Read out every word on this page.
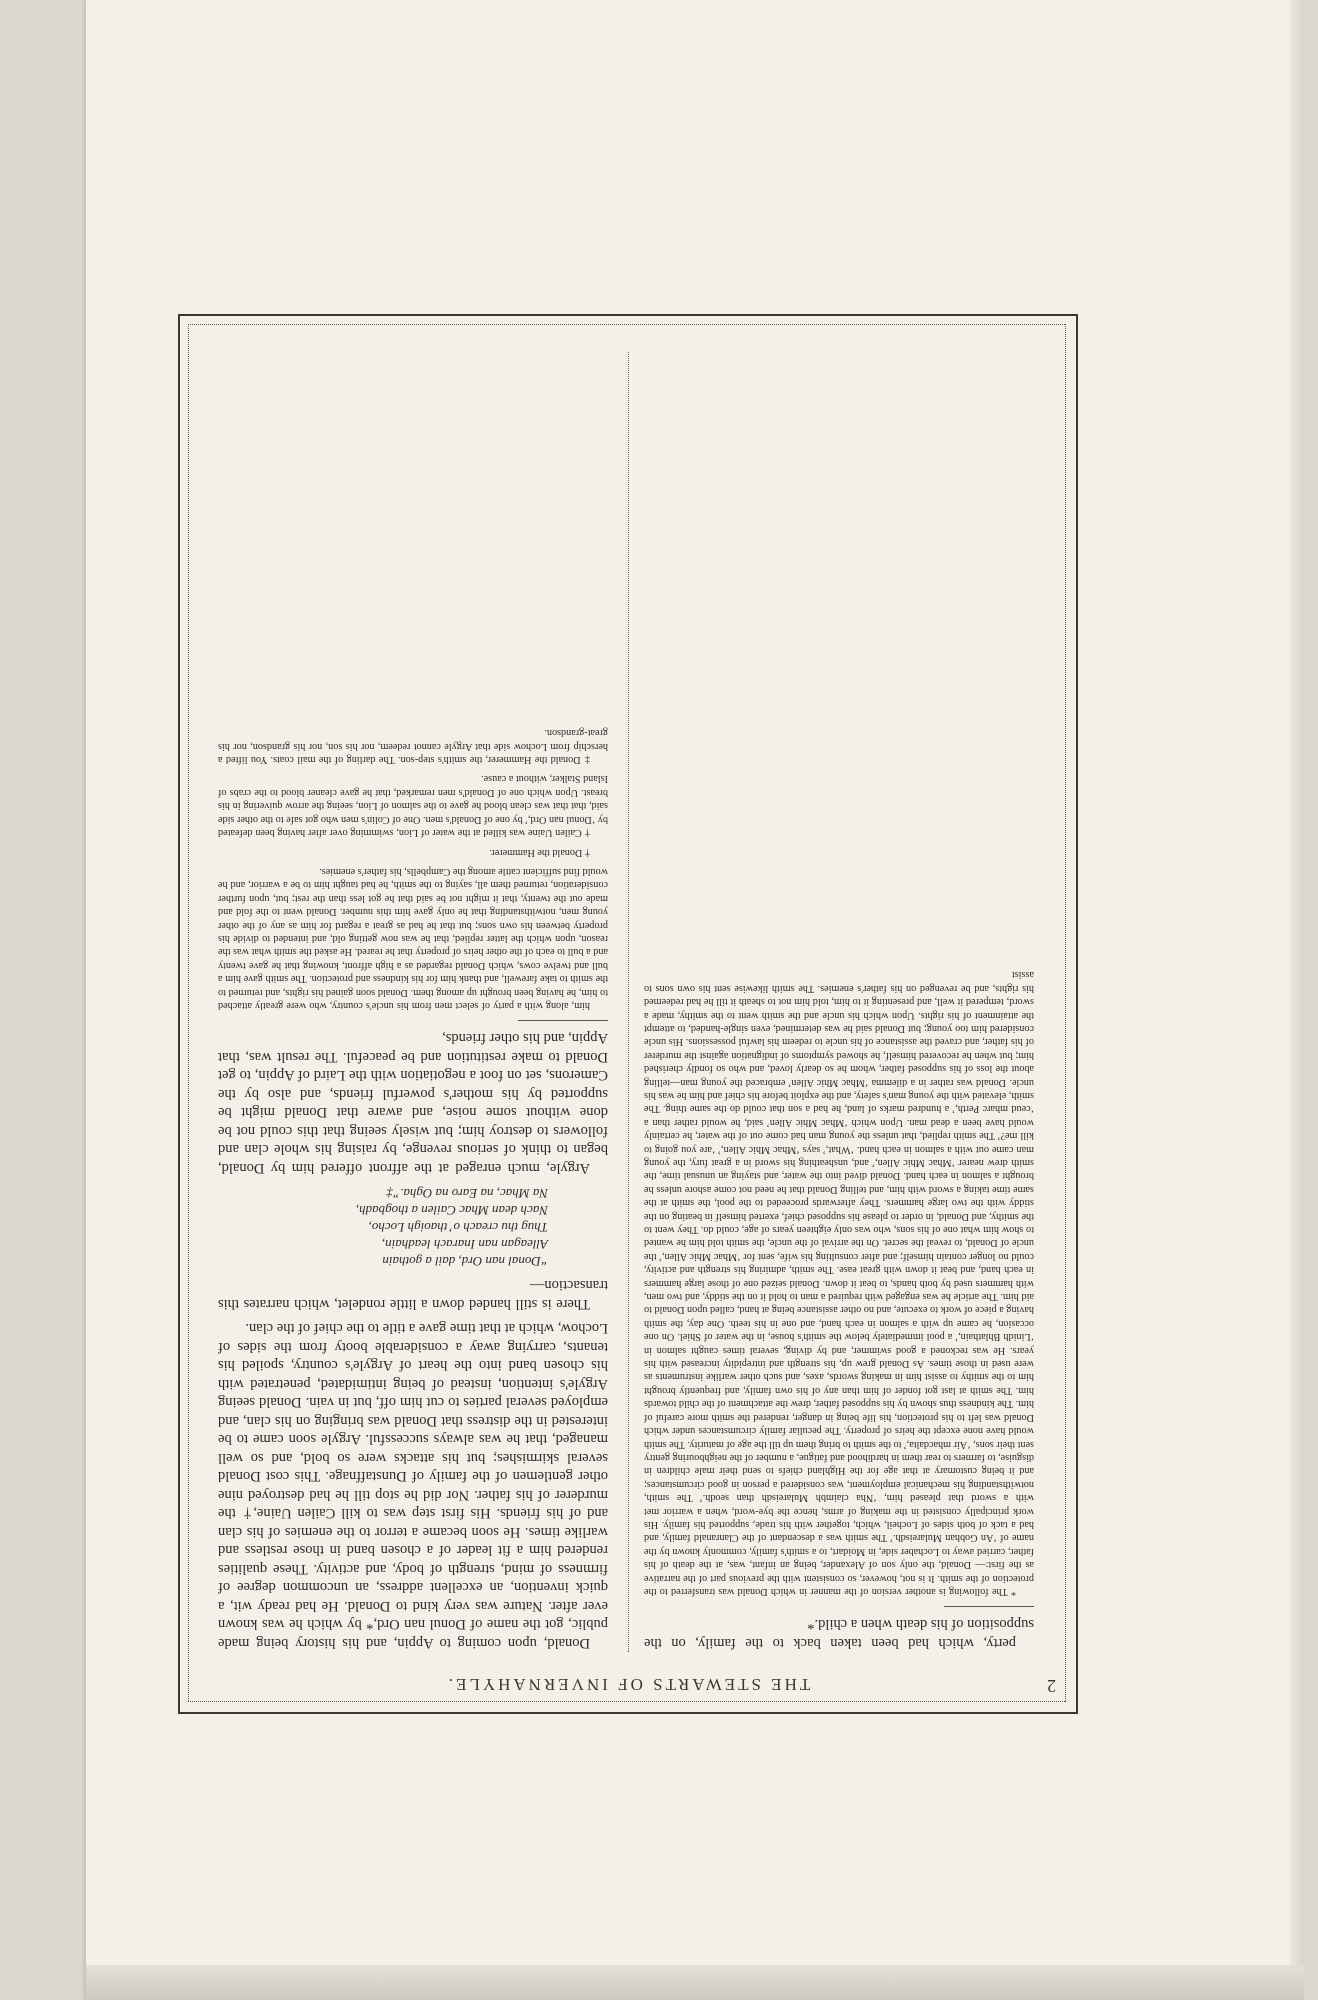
2
THE STEWARTS OF INVERNAHYLE.

perty, which had been taken back to the family, on the supposition of his death when a child.*

* The following is another version of the manner in which Donald was transferred to the protection of the smith. It is not, however, so consistent with the previous part of the narrative as the first:— Donald, the only son of Alexander, being an infant, was, at the death of his father, carried away to Lochaber side, in Moidart, to a smith's family, commonly known by the name of ‘An Gobhan Mulareisdh.’ The smith was a descendant of the Clanranald family, and had a tack of both sides of Locheil, which, together with his trade, supported his family. His work principally consisted in the making of arms, hence the bye-word, when a warrior met with a sword that pleased him, ‘Nha claimbh Mulareisdh than seodh.’ The smith, notwithstanding his mechanical employment, was considered a person in good circumstances; and it being customary at that age for the Highland chiefs to send their male children in disguise, to farmers to rear them in hardihood and fatigue, a number of the neighbouring gentry sent their sons, ‘Air mhacdalta,’ to the smith to bring them up till the age of maturity. The smith would have none except the heirs of property. The peculiar family circumstances under which Donald was left to his protection, his life being in danger, rendered the smith more careful of him. The kindness thus shown by his supposed father, drew the attachment of the child towards him. The smith at last got fonder of him than any of his own family, and frequently brought him to the smithy to assist him in making swords, axes, and such other warlike instruments as were used in those times. As Donald grew up, his strength and intrepidity increased with his years. He was reckoned a good swimmer, and by diving, several times caught salmon in ‘Linidh Bhlathain,’ a pool immediately below the smith's house, in the water of Shiel. On one occasion, he came up with a salmon in each hand, and one in his teeth. One day, the smith having a piece of work to execute, and no other assistance being at hand, called upon Donald to aid him. The article he was engaged with required a man to hold it on the stiddy, and two men, with hammers used by both hands, to beat it down. Donald seized one of those large hammers in each hand, and beat it down with great ease. The smith, admiring his strength and activity, could no longer contain himself; and after consulting his wife, sent for ‘Mhac Mhic Allen,’ the uncle of Donald, to reveal the secret. On the arrival of the uncle, the smith told him he wanted to show him what one of his sons, who was only eighteen years of age, could do. They went to the smithy, and Donald, in order to please his supposed chief, exerted himself in beating on the stiddy with the two large hammers. They afterwards proceeded to the pool, the smith at the same time taking a sword with him, and telling Donald that he need not come ashore unless he brought a salmon in each hand. Donald dived into the water, and staying an unusual time, the smith drew nearer ‘Mhac Mhic Allen,’ and, unsheathing his sword in a great fury, the young man came out with a salmon in each hand. ‘What,’ says ‘Mhac Mhic Allen,’ ‘are you going to kill me?’ The smith replied, that unless the young man had come out of the water, he certainly would have been a dead man. Upon which ‘Mhac Mhic Allen’ said, he would rather than a ‘ceud mharc Perth,’ a hundred marks of land, he had a son that could do the same thing. The smith, elevated with the young man's safety, and the exploit before his chief and him he was his uncle. Donald was rather in a dilemma ‘Mhac Mhic Allen’ embraced the young man—telling about the loss of his supposed father, whom he so dearly loved, and who so fondly cherished him; but when he recovered himself, he showed symptoms of indignation against the murderer of his father, and craved the assistance of his uncle to redeem his lawful possessions. His uncle considered him too young; but Donald said he was determined, even single-handed, to attempt the attainment of his rights. Upon which his uncle and the smith went to the smithy, made a sword, tempered it well, and presenting it to him, told him not to sheath it till he had redeemed his rights, and be revenged on his father's enemies. The smith likewise sent his own sons to assist

Donald, upon coming to Appin, and his history being made public, got the name of Donul nan Ord,* by which he was known ever after. Nature was very kind to Donald. He had ready wit, a quick invention, an excellent address, an uncommon degree of firmness of mind, strength of body, and activity. These qualities rendered him a fit leader of a chosen band in those restless and warlike times. He soon became a terror to the enemies of his clan and of his friends. His first step was to kill Cailen Uaine,† the murderer of his father. Nor did he stop till he had destroyed nine other gentlemen of the family of Dunstaffnage. This cost Donald several skirmishes; but his attacks were so bold, and so well managed, that he was always successful. Argyle soon came to be interested in the distress that Donald was bringing on his clan, and employed several parties to cut him off, but in vain. Donald seeing Argyle's intention, instead of being intimidated, penetrated with his chosen band into the heart of Argyle's country, spoiled his tenants, carrying away a considerable booty from the sides of Lochow, which at that time gave a title to the chief of the clan.

There is still handed down a little rondelet, which narrates this transaction—

“Donal nan Ord, dail a gothain
Alleagan nan Inarach leadhain,
Thug thu creach o’ thaoigh Locho,
Nach dean Mhac Cailen a thogbadh,
Na Mhac, na Earo na Ogha.”‡

Argyle, much enraged at the affront offered him by Donald, began to think of serious revenge, by raising his whole clan and followers to destroy him; but wisely seeing that this could not be done without some noise, and aware that Donald might be supported by his mother's powerful friends, and also by the Camerons, set on foot a negotiation with the Laird of Appin, to get Donald to make restitution and be peaceful. The result was, that Appin, and his other friends,

him, along with a party of select men from his uncle's country, who were greatly attached to him, he having been brought up among them. Donald soon gained his rights, and returned to the smith to take farewell, and thank him for his kindness and protection. The smith gave him a bull and twelve cows, which Donald regarded as a high affront, knowing that he gave twenty and a bull to each of the other heirs of property that he reared. He asked the smith what was the reason, upon which the latter replied, that he was now getting old, and intended to divide his property between his own sons; but that he had as great a regard for him as any of the other young men, notwithstanding that he only gave him this number. Donald went to the fold and made out the twenty, that it might not be said that he got less than the rest; but, upon further consideration, returned them all, saying to the smith, he had taught him to be a warrior, and he would find sufficient cattle among the Campbells, his father's enemies.

† Donald the Hammerer.

† Cailen Uaine was killed at the water of Lion, swimming over after having been defeated by ‘Donul nan Ord,’ by one of Donald's men. One of Colin's men who got safe to the other side said, that that was clean blood he gave to the salmon of Lion, seeing the arrow quivering in his breast. Upon which one of Donald's men remarked, that he gave cleaner blood to the crabs of Island Stalker, without a cause.

‡ Donald the Hammerer, the smith's step-son. The darling of the mail coats. You lifted a herschip from Lochow side that Argyle cannot redeem, nor his son, nor his grandson, nor his great-grandson.
